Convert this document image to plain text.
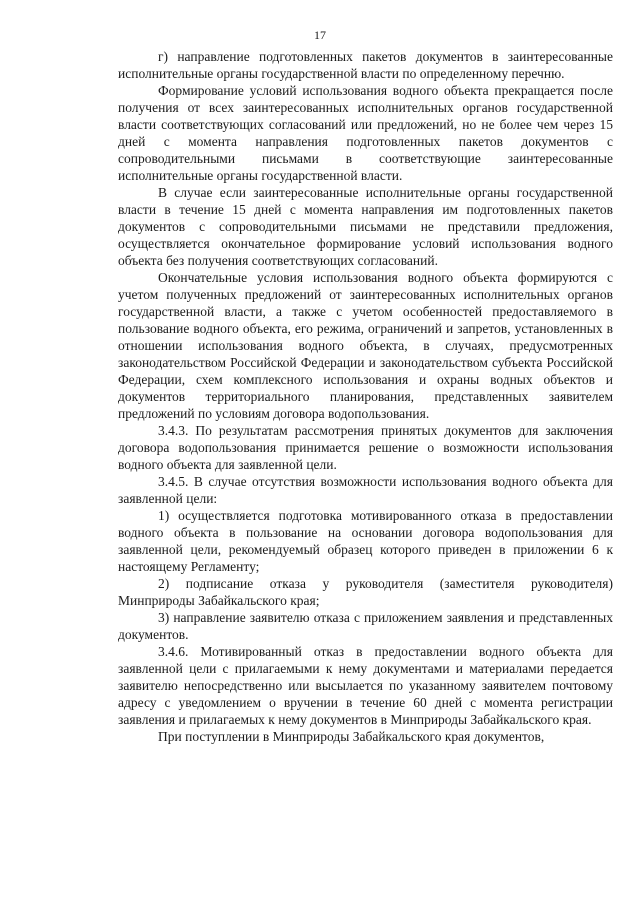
17

г) направление подготовленных пакетов документов в заинтересованные исполнительные органы государственной власти по определенному перечню.

Формирование условий использования водного объекта прекращается после получения от всех заинтересованных исполнительных органов государственной власти соответствующих согласований или предложений, но не более чем через 15 дней с момента направления подготовленных пакетов документов с сопроводительными письмами в соответствующие заинтересованные исполнительные органы государственной власти.

В случае если заинтересованные исполнительные органы государственной власти в течение 15 дней с момента направления им подготовленных пакетов документов с сопроводительными письмами не представили предложения, осуществляется окончательное формирование условий использования водного объекта без получения соответствующих согласований.

Окончательные условия использования водного объекта формируются с учетом полученных предложений от заинтересованных исполнительных органов государственной власти, а также с учетом особенностей предоставляемого в пользование водного объекта, его режима, ограничений и запретов, установленных в отношении использования водного объекта, в случаях, предусмотренных законодательством Российской Федерации и законодательством субъекта Российской Федерации, схем комплексного использования и охраны водных объектов и документов территориального планирования, представленных заявителем предложений по условиям договора водопользования.

3.4.3. По результатам рассмотрения принятых документов для заключения договора водопользования принимается решение о возможности использования водного объекта для заявленной цели.

3.4.5. В случае отсутствия возможности использования водного объекта для заявленной цели:

1) осуществляется подготовка мотивированного отказа в предоставлении водного объекта в пользование на основании договора водопользования для заявленной цели, рекомендуемый образец которого приведен в приложении 6 к настоящему Регламенту;

2) подписание отказа у руководителя (заместителя руководителя) Минприроды Забайкальского края;

3) направление заявителю отказа с приложением заявления и представленных документов.

3.4.6. Мотивированный отказ в предоставлении водного объекта для заявленной цели с прилагаемыми к нему документами и материалами передается заявителю непосредственно или высылается по указанному заявителем почтовому адресу с уведомлением о вручении в течение 60 дней с момента регистрации заявления и прилагаемых к нему документов в Минприроды Забайкальского края.

При поступлении в Минприроды Забайкальского края документов,
